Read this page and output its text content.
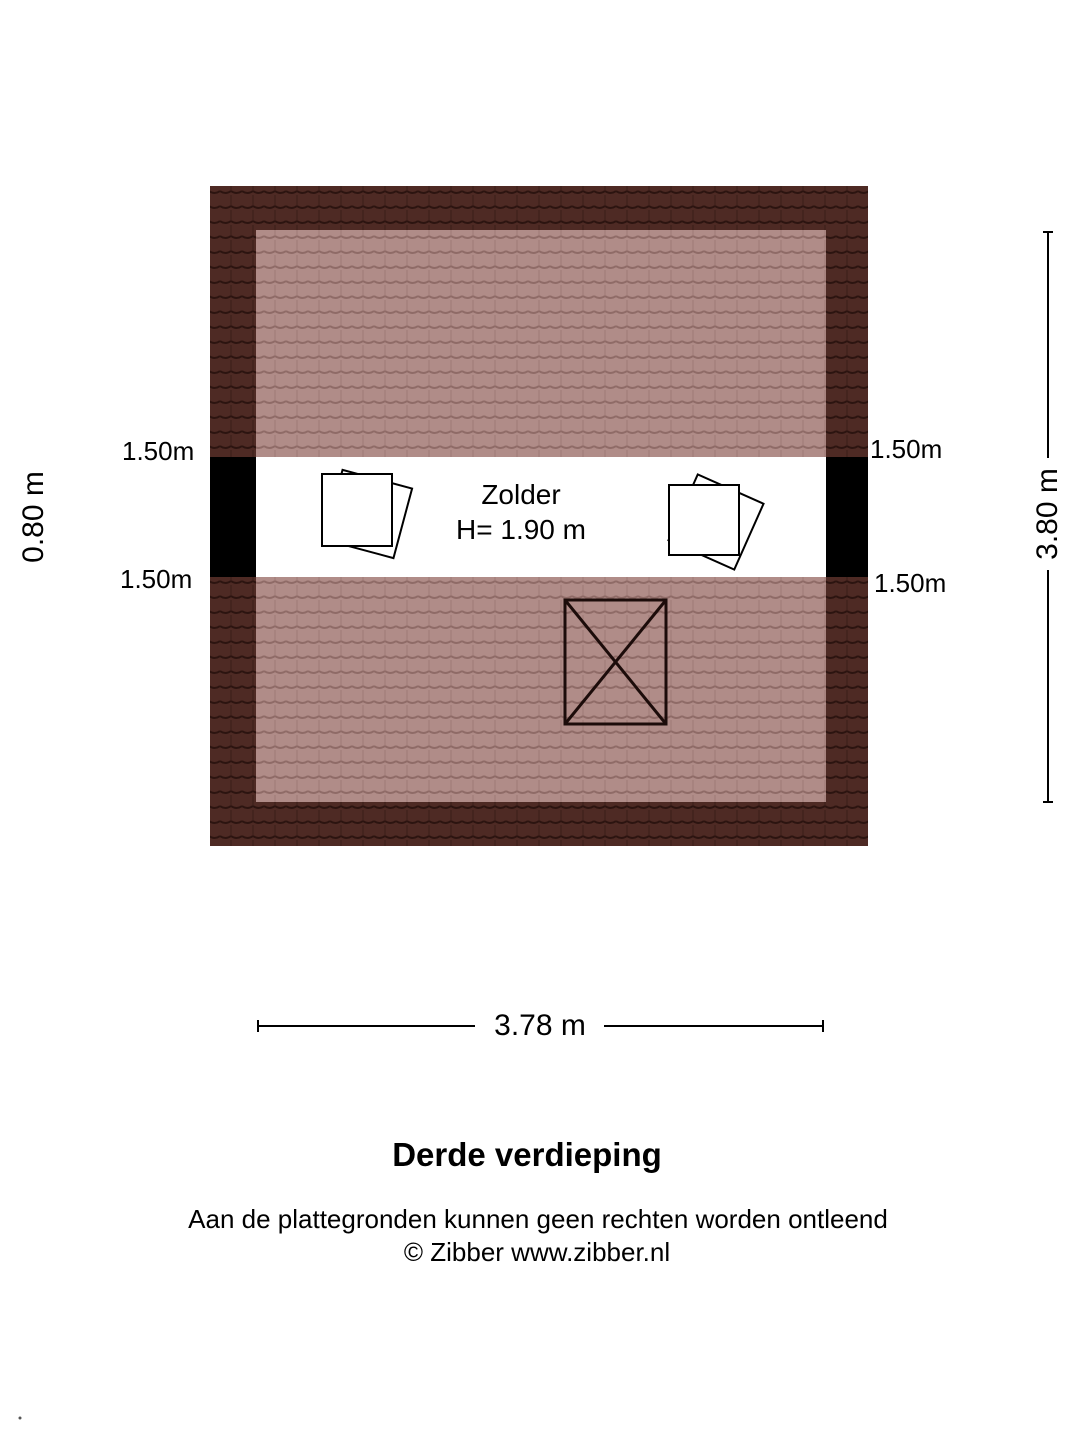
Zolder
H= 1.90 m
1.50m
1.50m
1.50m
1.50m
0.80 m	3.80 m
3.78 m
Derde verdieping
Aan de plattegronden kunnen geen rechten worden ontleend
© Zibber www.zibber.nl
